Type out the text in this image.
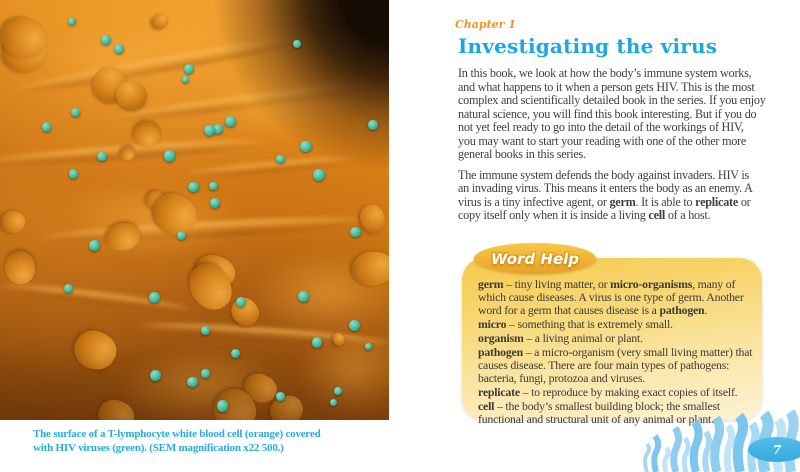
The surface of a T-lymphocyte white blood cell (orange) covered
with HIV viruses (green). (SEM magnification x22 500.)
Chapter 1
Investigating the virus

In this book, we look at how the body’s immune system works,
and what happens to it when a person gets HIV. This is the most
complex and scientifically detailed book in the series. If you enjoy
natural science, you will find this book interesting. But if you do
not yet feel ready to go into the detail of the workings of HIV,
you may want to start your reading with one of the other more
general books in this series.

The immune system defends the body against invaders. HIV is
an invading virus. This means it enters the body as an enemy. A
virus is a tiny infective agent, or germ. It is able to replicate or
copy itself only when it is inside a living cell of a host.

Word Help
germ – tiny living matter, or micro-organisms, many of
which cause diseases. A virus is one type of germ. Another
word for a germ that causes disease is a pathogen.
micro – something that is extremely small.
organism – a living animal or plant.
pathogen – a micro-organism (very small living matter) that
causes disease. There are four main types of pathogens:
bacteria, fungi, protozoa and viruses.
replicate – to reproduce by making exact copies of itself.
cell – the body’s smallest building block; the smallest
functional and structural unit of any animal or plant.
7
